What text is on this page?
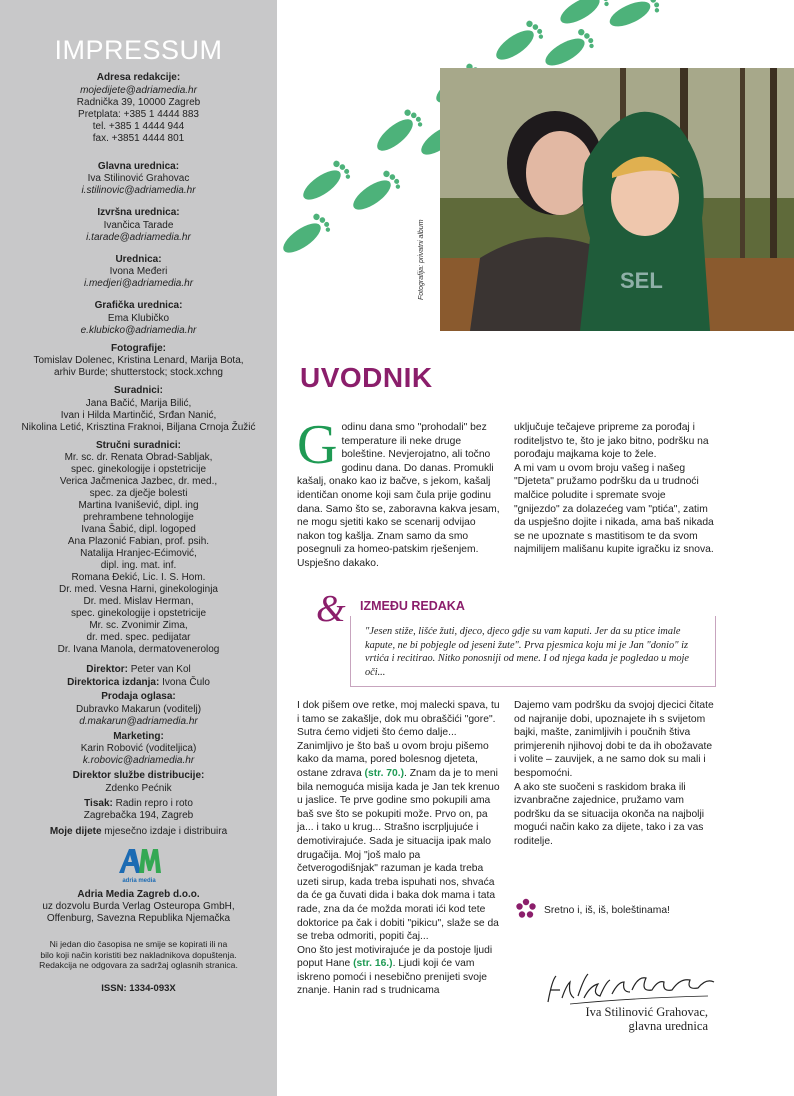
IMPRESSUM
Adresa redakcije:
mojedijete@adriamedia.hr
Radnička 39, 10000 Zagreb
Pretplata: +385 1 4444 883
tel. +385 1 4444 944
fax. +3851 4444 801
Glavna urednica:
Iva Stilinović Grahovac
i.stilinovic@adriamedia.hr
Izvršna urednica:
Ivančica Tarade
i.tarade@adriamedia.hr
Urednica:
Ivona Međeri
i.medjeri@adriamedia.hr
Grafička urednica:
Ema Klubičko
e.klubicko@adriamedia.hr
Fotografije:
Tomislav Dolenec, Kristina Lenard, Marija Bota,
arhiv Burde; shutterstock; stock.xchng
Suradnici:
Jana Bačić, Marija Bilić,
Ivan i Hilda Martinčić, Srđan Nanić,
Nikolina Letić, Krisztina Fraknoi, Biljana Crnoja Žužić
Stručni suradnici:
Mr. sc. dr. Renata Obrad-Sabljak,
spec. ginekologije i opstetricije
Verica Jačmenica Jazbec, dr. med.,
spec. za dječje bolesti
Martina Ivanišević, dipl. ing
prehrambene tehnologije
Ivana Šabić, dipl. logoped
Ana Plazonić Fabian, prof. psih.
Natalija Hranjec-Ećimović,
dipl. ing. mat. inf.
Romana Đekić, Lic. I. S. Hom.
Dr. med. Vesna Harni, ginekologinja
Dr. med. Mislav Herman,
spec. ginekologije i opstetricije
Mr. sc. Zvonimir Zima,
dr. med. spec. pedijatar
Dr. Ivana Manola, dermatovenerolog
Direktor: Peter van Kol
Direktorica izdanja: Ivona Čulo
Prodaja oglasa:
Dubravko Makarun (voditelj)
d.makarun@adriamedia.hr
Marketing:
Karin Robović (voditeljica)
k.robovic@adriamedia.hr
Direktor službe distribucije:
Zdenko Pećnik
Tisak: Radin repro i roto
Zagrebačka 194, Zagreb
Moje dijete mjesečno izdaje i distribuira
adria media
Adria Media Zagreb d.o.o.
uz dozvolu Burda Verlag Osteuropa GmbH,
Offenburg, Savezna Republika Njemačka
Ni jedan dio časopisa ne smije se kopirati ili na
bilo koji način koristiti bez nakladnikova dopuštenja.
Redakcija ne odgovara za sadržaj oglasnih stranica.
ISSN: 1334-093X
SEL
Fotografija: privatni album
UVODNIK

Godinu dana smo "prohodali" bez temperature ili neke druge boleštine. Nevjerojatno, ali točno godinu dana. Do danas. Promukli kašalj, onako kao iz bačve, s jekom, kašalj identičan onome koji sam čula prije godinu dana. Samo što se, zaboravna kakva jesam, ne mogu sjetiti kako se scenarij odvijao nakon tog kašlja. Znam samo da smo posegnuli za homeo-patskim rješenjem. Uspješno dakako.

uključuje tečajeve pripreme za porođaj i roditeljstvo te, što je jako bitno, podršku na porođaju majkama koje to žele.

A mi vam u ovom broju vašeg i našeg "Djeteta" pružamo podršku da u trudnoći malčice poludite i spremate svoje "gnijezdo" za dolazećeg vam "ptića", zatim da uspješno dojite i nikada, ama baš nikada se ne upoznate s mastitisom te da svom najmilijem mališanu kupite igračku iz snova.

& IZMEĐU REDAKA
"Jesen stiže, lišće žuti, djeco, djeco gdje su vam kaputi. Jer da su ptice imale kapute, ne bi pobjegle od jeseni žute". Prva pjesmica koju mi je Jan "donio" iz vrtića i recitirao. Nitko ponosniji od mene. I od njega kada je pogledao u moje oči...

I dok pišem ove retke, moj malecki spava, tu i tamo se zakašlje, dok mu obraščići "gore". Sutra ćemo vidjeti što ćemo dalje... Zanimljivo je što baš u ovom broju pišemo kako da mama, pored bolesnog djeteta, ostane zdrava (str. 70.). Znam da je to meni bila nemoguća misija kada je Jan tek krenuo u jaslice. Te prve godine smo pokupili ama baš sve što se pokupiti može. Prvo on, pa ja... i tako u krug... Strašno iscrpljujuće i demotivirajuće. Sada je situacija ipak malo drugačija. Moj "još malo pa četverogodišnjak" razuman je kada treba uzeti sirup, kada treba ispuhati nos, shvaća da će ga čuvati dida i baka dok mama i tata rade, zna da će možda morati ići kod tete doktorice pa čak i dobiti "pikicu", slaže se da se treba odmoriti, popiti čaj...

Ono što jest motivirajuće je da postoje ljudi poput Hane (str. 16.). Ljudi koji će vam iskreno pomoći i nesebično prenijeti svoje znanje. Hanin rad s trudnicama

Dajemo vam podršku da svojoj djecici čitate od najranije dobi, upoznajete ih s svijetom bajki, mašte, zanimljivih i poučnih štiva primjerenih njihovoj dobi te da ih obožavate i volite – zauvijek, a ne samo dok su mali i bespomoćni.

A ako ste suočeni s raskidom braka ili izvanbračne zajednice, pružamo vam podršku da se situacija okonča na najbolji mogući način kako za dijete, tako i za vas roditelje.

Sretno i, iš, iš, boleštinama!
Iva Stilinović Grahovac,
glavna urednica
